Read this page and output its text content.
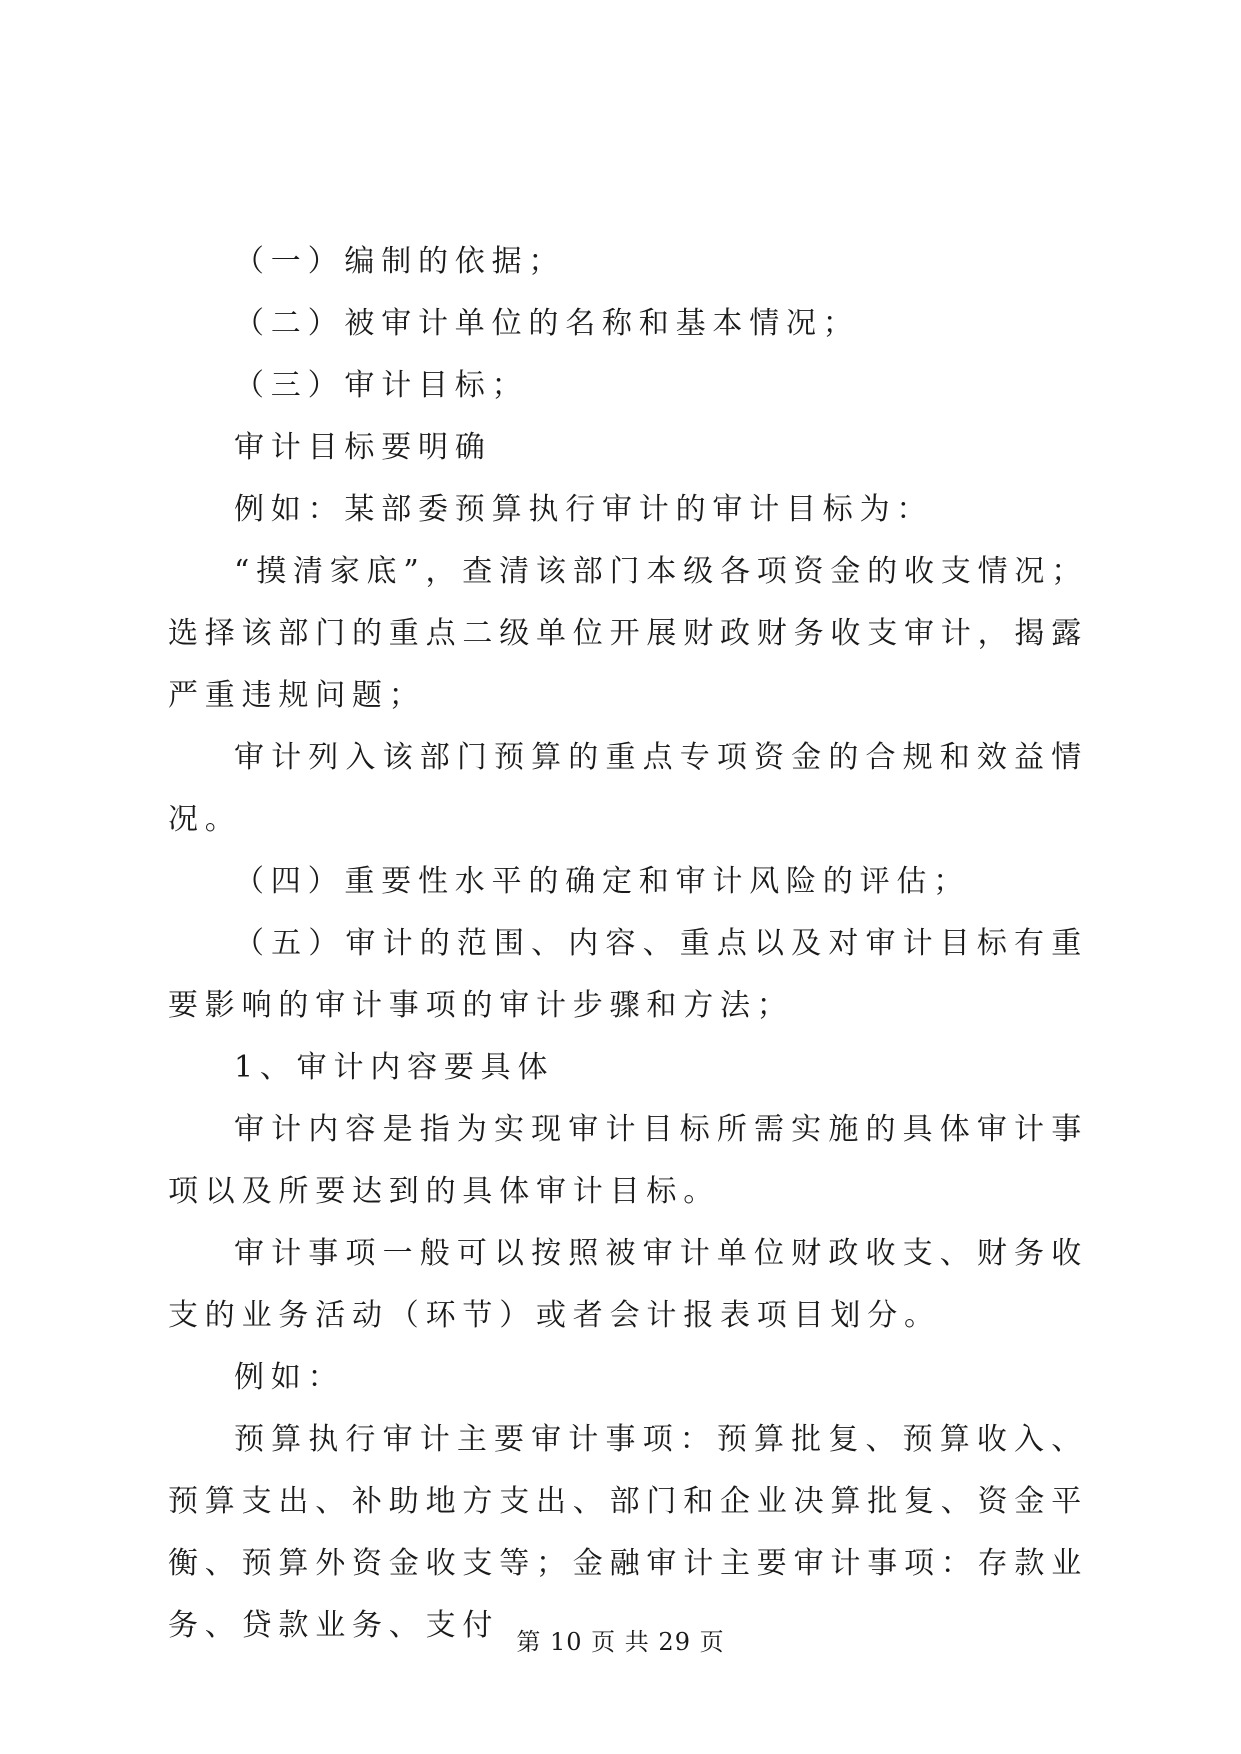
（一）编制的依据；

（二）被审计单位的名称和基本情况；

（三）审计目标；

审计目标要明确

例如：某部委预算执行审计的审计目标为：

“摸清家底”，查清该部门本级各项资金的收支情况；选择该部门的重点二级单位开展财政财务收支审计，揭露严重违规问题；

审计列入该部门预算的重点专项资金的合规和效益情况。

（四）重要性水平的确定和审计风险的评估；

（五）审计的范围、内容、重点以及对审计目标有重要影响的审计事项的审计步骤和方法；

1、审计内容要具体

审计内容是指为实现审计目标所需实施的具体审计事项以及所要达到的具体审计目标。

审计事项一般可以按照被审计单位财政收支、财务收支的业务活动（环节）或者会计报表项目划分。

例如：

预算执行审计主要审计事项：预算批复、预算收入、预算支出、补助地方支出、部门和企业决算批复、资金平衡、预算外资金收支等；金融审计主要审计事项：存款业务、贷款业务、支付 第 10 页 共 29 页
